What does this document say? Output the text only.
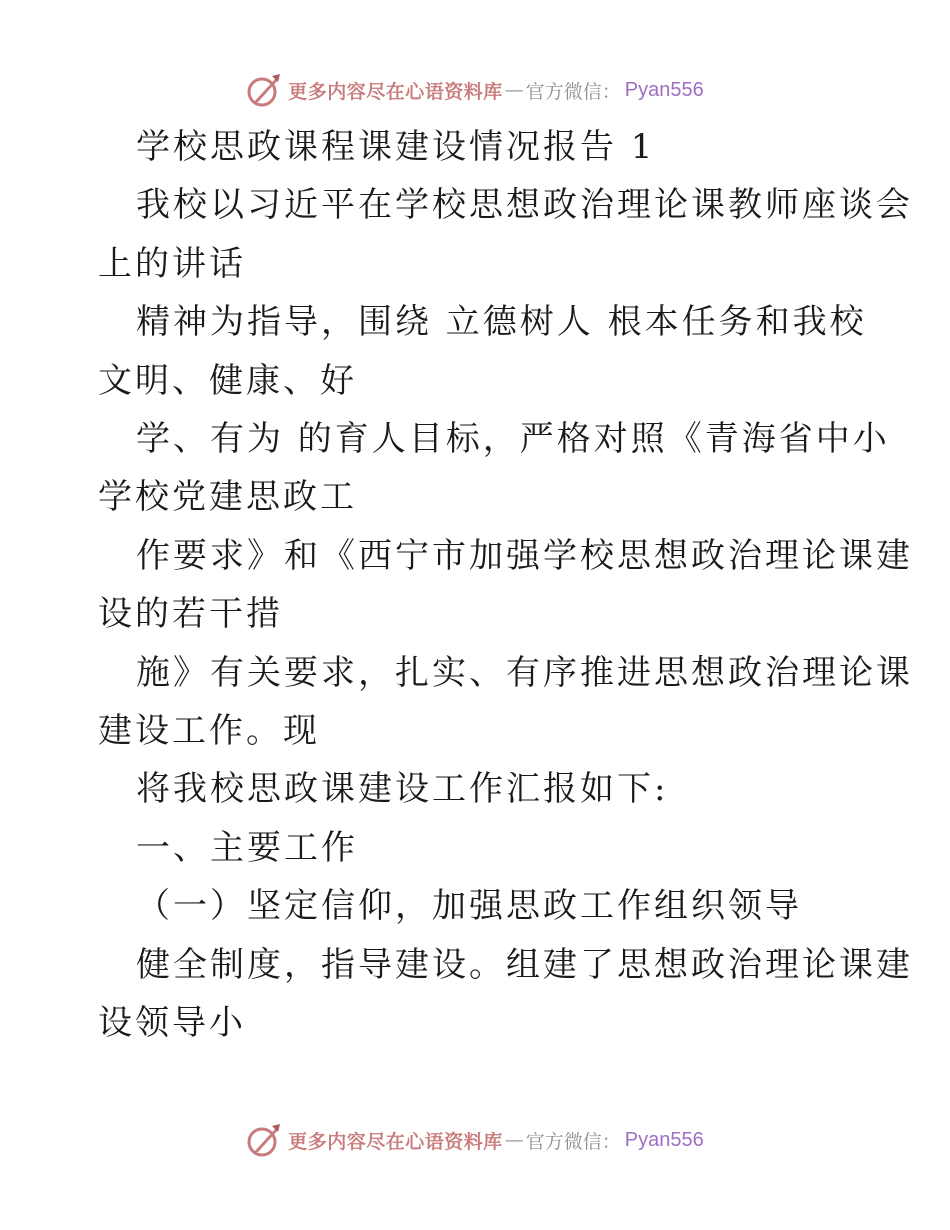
更多内容尽在心语资料库 — 官方微信： Pyan556

学校思政课程课建设情况报告 1

我校以习近平在学校思想政治理论课教师座谈会

上的讲话

精神为指导，围绕 立德树人 根本任务和我校

文明、健康、好

学、有为 的育人目标，严格对照《青海省中小

学校党建思政工

作要求》和《西宁市加强学校思想政治理论课建

设的若干措

施》有关要求，扎实、有序推进思想政治理论课

建设工作。现

将我校思政课建设工作汇报如下:

一、主要工作

（一）坚定信仰，加强思政工作组织领导

健全制度，指导建设。组建了思想政治理论课建

设领导小

更多内容尽在心语资料库 — 官方微信： Pyan556
